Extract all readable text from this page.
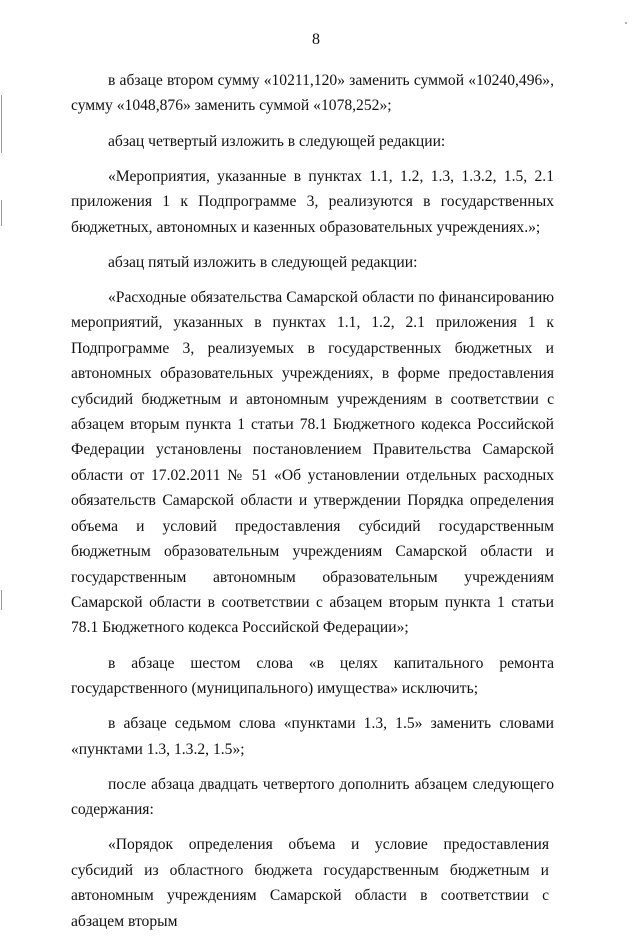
8

в абзаце втором сумму «10211,120» заменить суммой «10240,496», сумму «1048,876» заменить суммой «1078,252»;

абзац четвертый изложить в следующей редакции:

«Мероприятия, указанные в пунктах 1.1, 1.2, 1.3, 1.3.2, 1.5, 2.1 приложения 1 к Подпрограмме 3, реализуются в государственных бюджетных, автономных и казенных образовательных учреждениях.»;

абзац пятый изложить в следующей редакции:

«Расходные обязательства Самарской области по финансированию мероприятий, указанных в пунктах 1.1, 1.2, 2.1 приложения 1 к Подпрограмме 3, реализуемых в государственных бюджетных и автономных образовательных учреждениях, в форме предоставления субсидий бюджетным и автономным учреждениям в соответствии с абзацем вторым пункта 1 статьи 78.1 Бюджетного кодекса Российской Федерации установлены постановлением Правительства Самарской области от 17.02.2011 № 51 «Об установлении отдельных расходных обязательств Самарской области и утверждении Порядка определения объема и условий предоставления субсидий государственным бюджетным образовательным учреждениям Самарской области и государственным автономным образовательным учреждениям Самарской области в соответствии с абзацем вторым пункта 1 статьи 78.1 Бюджетного кодекса Российской Федерации»;

в абзаце шестом слова «в целях капитального ремонта государственного (муниципального) имущества» исключить;

в абзаце седьмом слова «пунктами 1.3, 1.5» заменить словами «пунктами 1.3, 1.3.2, 1.5»;

после абзаца двадцать четвертого дополнить абзацем следующего содержания:

«Порядок определения объема и условие предоставления субсидий из областного бюджета государственным бюджетным и автономным учреждениям Самарской области в соответствии с абзацем вторым
